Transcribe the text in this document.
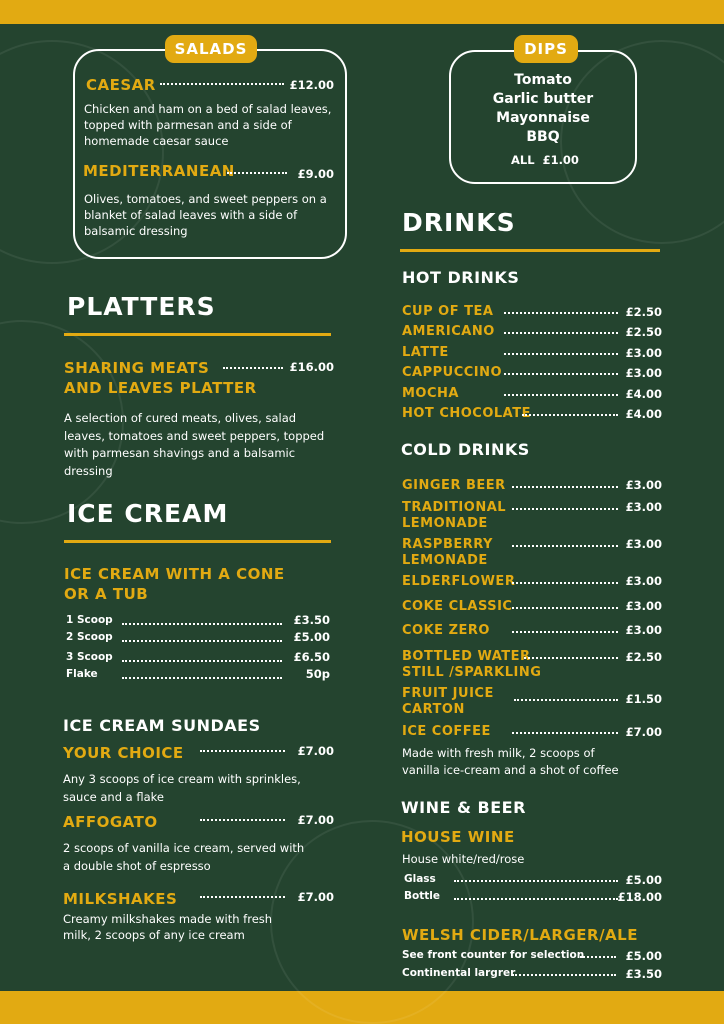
SALADS
CAESAR	£12.00
Chicken and ham on a bed of salad leaves, topped with parmesan and a side of homemade caesar sauce
MEDITERRANEAN	£9.00
Olives, tomatoes, and sweet peppers on a blanket of salad leaves with a side of balsamic dressing
DIPS
Tomato
Garlic butter
Mayonnaise
BBQ
ALL  £1.00
PLATTERS
SHARING MEATS
AND LEAVES PLATTER
£16.00
A selection of cured meats, olives, salad leaves, tomatoes and sweet peppers, topped with parmesan shavings and a balsamic dressing
ICE CREAM
ICE CREAM WITH A CONE
OR A TUB
1 Scoop	£3.50
2 Scoop	£5.00
3 Scoop	£6.50
Flake	50p
ICE CREAM SUNDAES
YOUR CHOICE	£7.00
Any 3 scoops of ice cream with sprinkles, sauce and a flake
AFFOGATO	£7.00
2 scoops of vanilla ice cream, served with a double shot of espresso
MILKSHAKES	£7.00
Creamy milkshakes made with fresh milk, 2 scoops of any ice cream
DRINKS
HOT DRINKS
CUP OF TEA	£2.50
AMERICANO	£2.50
LATTE	£3.00
CAPPUCCINO	£3.00
MOCHA	£4.00
HOT CHOCOLATE	£4.00
COLD DRINKS
GINGER BEER	£3.00
TRADITIONAL
LEMONADE
£3.00
RASPBERRY
LEMONADE
£3.00
ELDERFLOWER	£3.00
COKE CLASSIC	£3.00
COKE ZERO	£3.00
BOTTLED WATER
STILL /SPARKLING
£2.50
FRUIT JUICE
CARTON
£1.50
ICE COFFEE	£7.00
Made with fresh milk, 2 scoops of vanilla ice-cream and a shot of coffee
WINE & BEER
HOUSE WINE
House white/red/rose
Glass	£5.00
Bottle	£18.00
WELSH CIDER/LARGER/ALE
See front counter for selection	£5.00
Continental largrer	£3.50
